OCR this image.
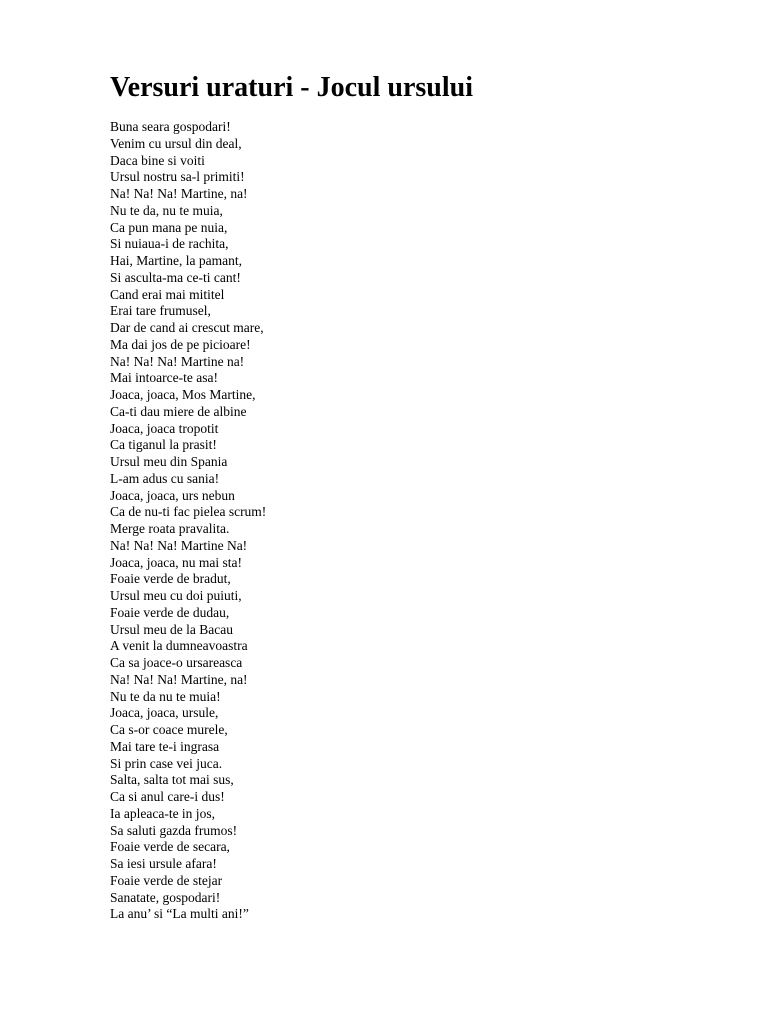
Versuri uraturi - Jocul ursului
Buna seara gospodari!
Venim cu ursul din deal,
Daca bine si voiti
Ursul nostru sa-l primiti!
Na! Na! Na! Martine, na!
Nu te da, nu te muia,
Ca pun mana pe nuia,
Si nuiaua-i de rachita,
Hai, Martine, la pamant,
Si asculta-ma ce-ti cant!
Cand erai mai mititel
Erai tare frumusel,
Dar de cand ai crescut mare,
Ma dai jos de pe picioare!
Na! Na! Na! Martine na!
Mai intoarce-te asa!
Joaca, joaca, Mos Martine,
Ca-ti dau miere de albine
Joaca, joaca tropotit
Ca tiganul la prasit!
Ursul meu din Spania
L-am adus cu sania!
Joaca, joaca, urs nebun
Ca de nu-ti fac pielea scrum!
Merge roata pravalita.
Na! Na! Na! Martine Na!
Joaca, joaca, nu mai sta!
Foaie verde de bradut,
Ursul meu cu doi puiuti,
Foaie verde de dudau,
Ursul meu de la Bacau
A venit la dumneavoastra
Ca sa joace-o ursareasca
Na! Na! Na! Martine, na!
Nu te da nu te muia!
Joaca, joaca, ursule,
Ca s-or coace murele,
Mai tare te-i ingrasa
Si prin case vei juca.
Salta, salta tot mai sus,
Ca si anul care-i dus!
Ia apleaca-te in jos,
Sa saluti gazda frumos!
Foaie verde de secara,
Sa iesi ursule afara!
Foaie verde de stejar
Sanatate, gospodari!
La anu’ si “La multi ani!”
